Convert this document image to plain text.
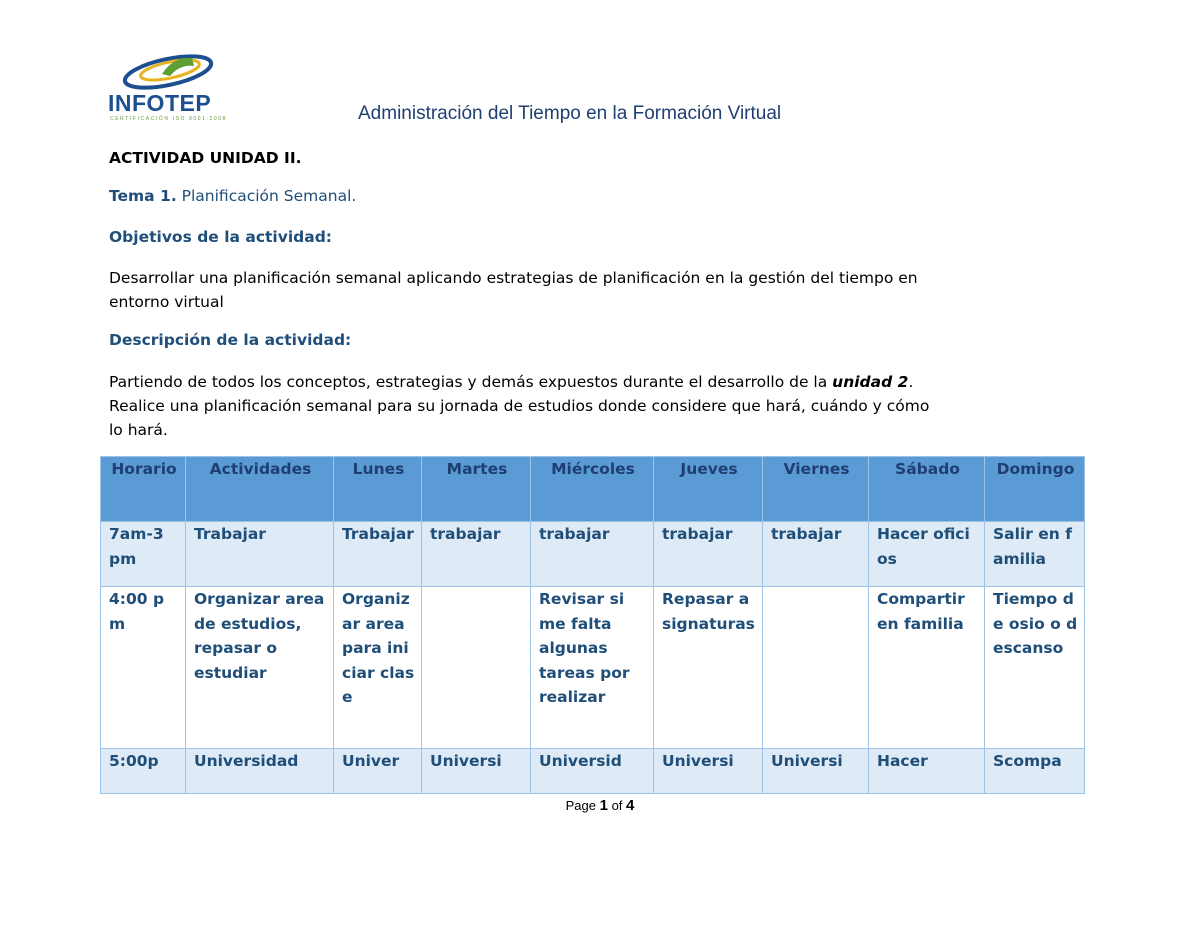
INFOTEP
CERTIFICACIÓN ISO 9001:2008	Administración del Tiempo en la Formación Virtual
ACTIVIDAD UNIDAD II.
Tema 1. Planificación Semanal.
Objetivos de la actividad:
Desarrollar una planificación semanal aplicando estrategias de planificación en la gestión del tiempo en
entorno virtual
Descripción de la actividad:
Partiendo de todos los conceptos, estrategias y demás expuestos durante el desarrollo de la unidad 2.
Realice una planificación semanal para su jornada de estudios donde considere que hará, cuándo y cómo
lo hará.
Horario	Actividades	Lunes	Martes	Miércoles	Jueves	Viernes	Sábado	Domingo
7am-3 pm	Trabajar	Trabajar	trabajar	trabajar	trabajar	trabajar	Hacer oficios	Salir en familia
4:00 pm	Organizar area de estudios, repasar o estudiar	Organizar area para iniciar clase		Revisar si me falta algunas tareas por realizar	Repasar asignaturas		Compartir en familia	Tiempo de osio o descanso
5:00p	Universidad	Univer	Universi	Universid	Universi	Universi	Hacer	Scompa
Page 1 of 4
